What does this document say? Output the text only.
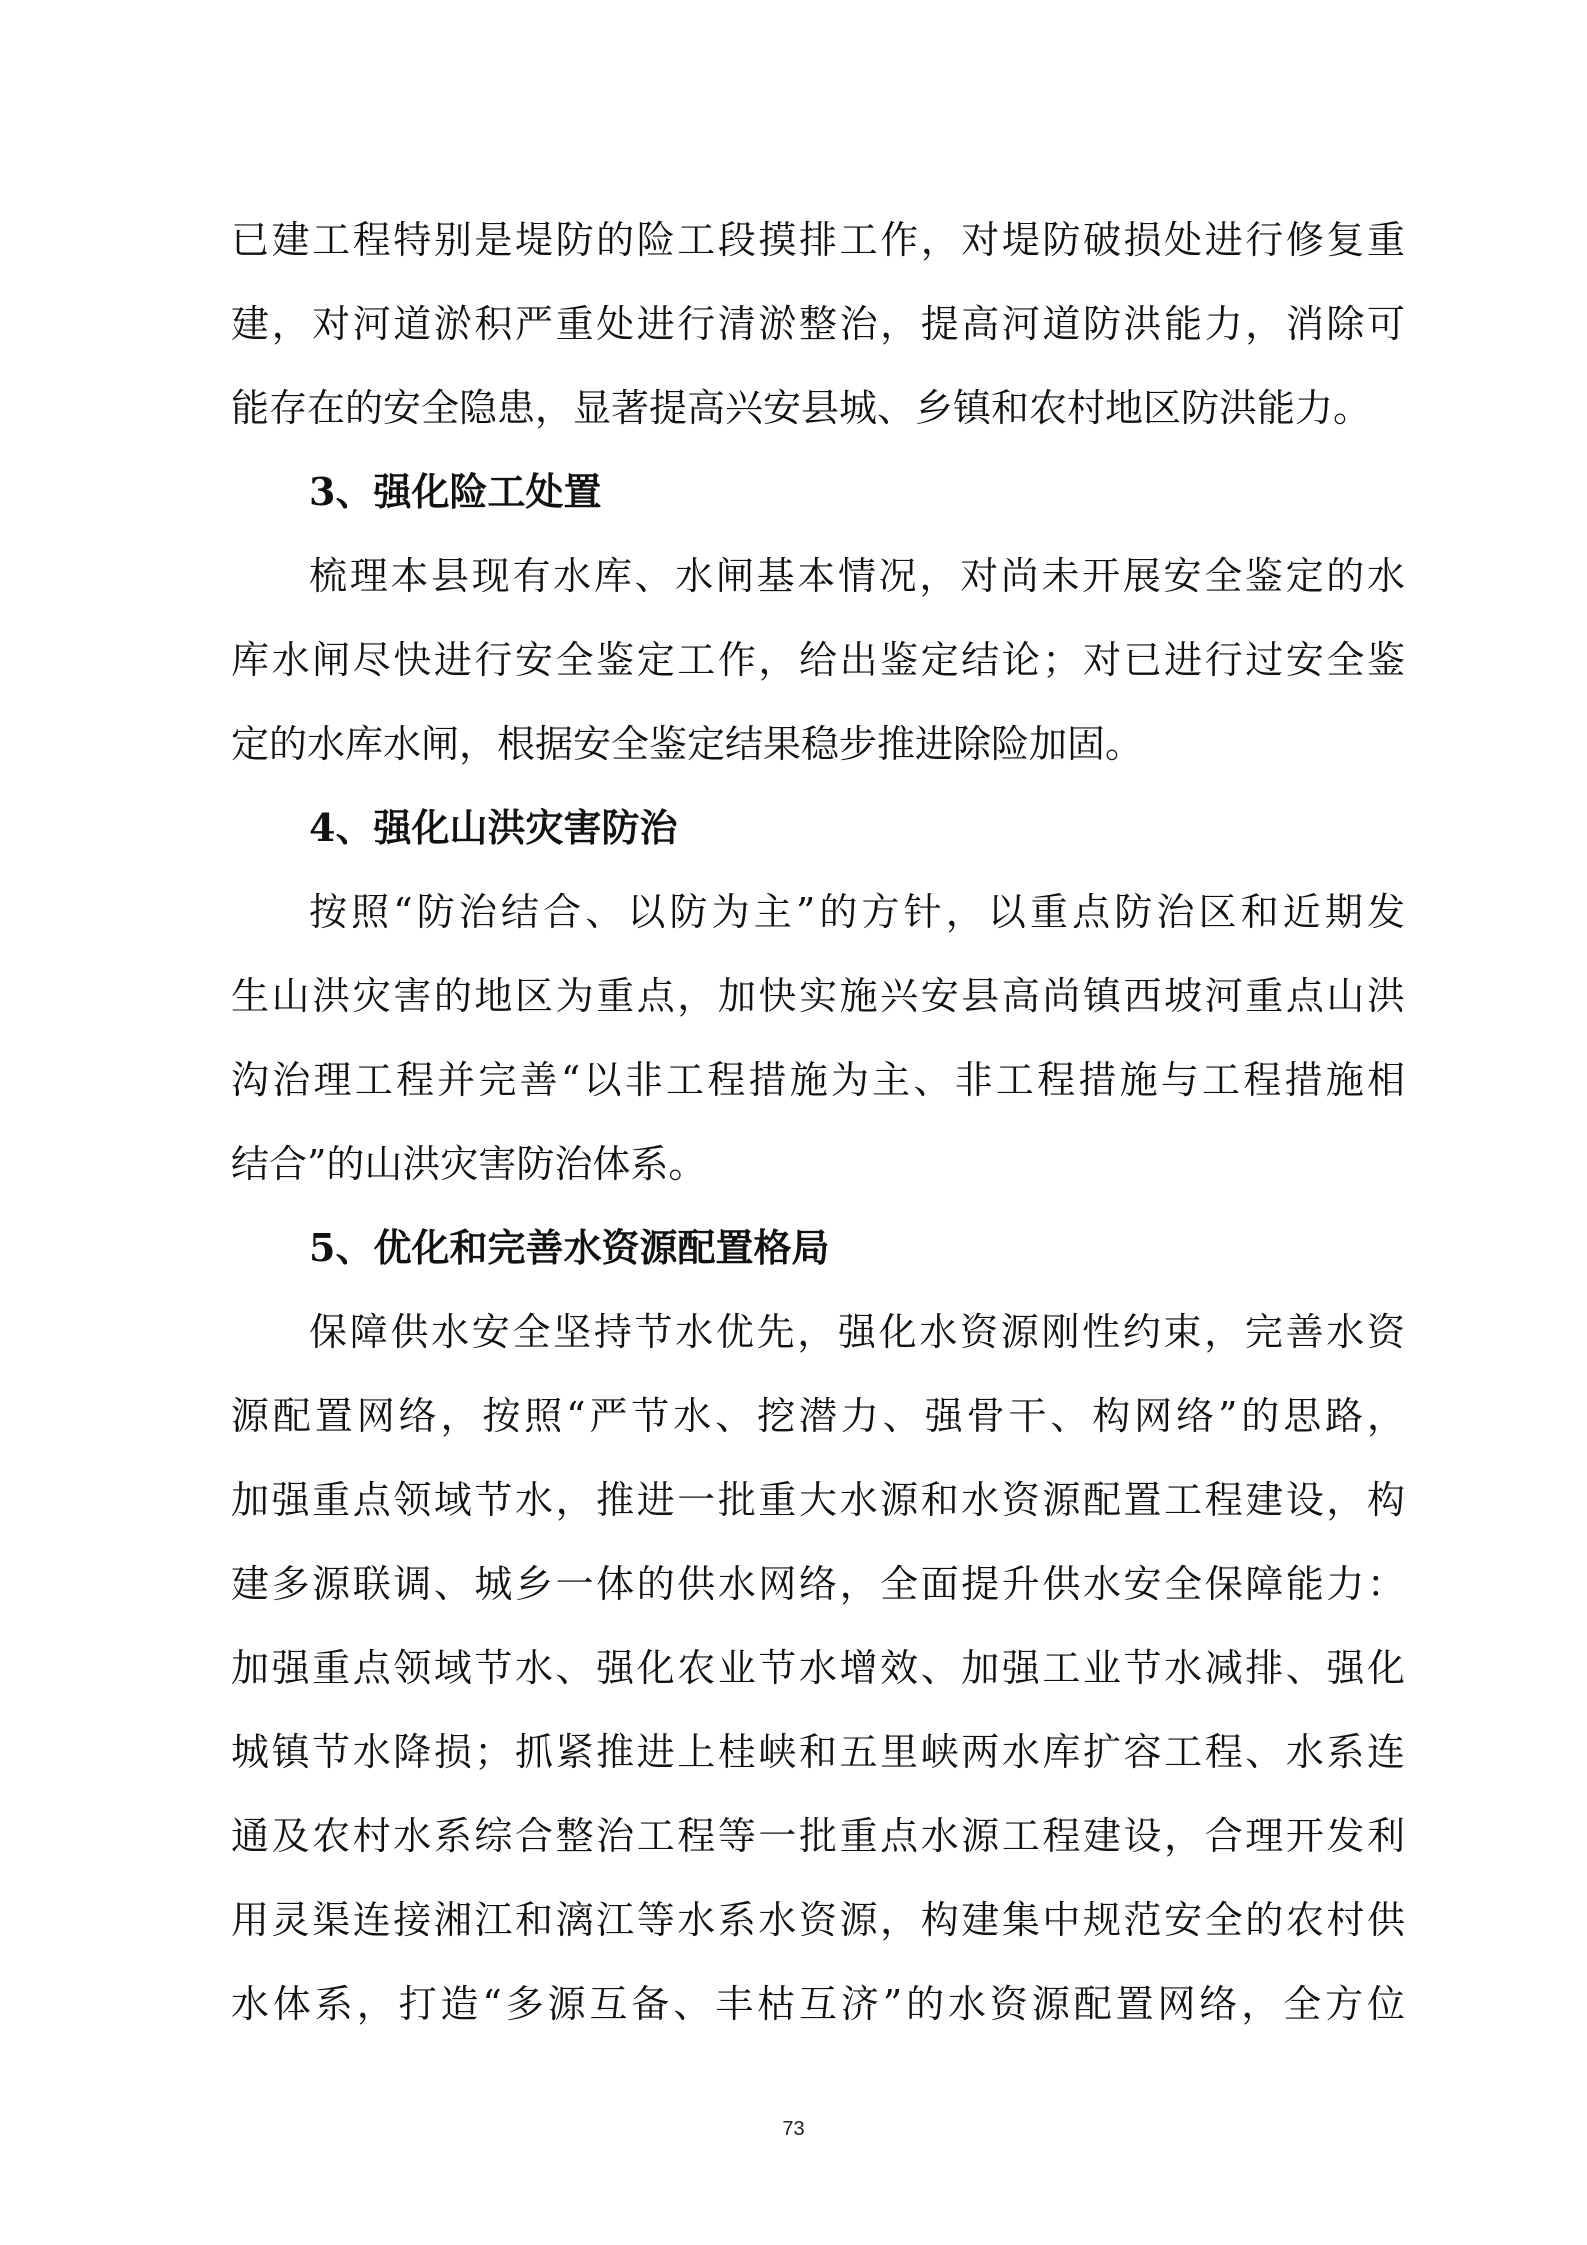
已建工程特别是堤防的险工段摸排工作，对堤防破损处进行修复重
建，对河道淤积严重处进行清淤整治，提高河道防洪能力，消除可
能存在的安全隐患，显著提高兴安县城、乡镇和农村地区防洪能力。
3、强化险工处置
梳理本县现有水库、水闸基本情况，对尚未开展安全鉴定的水
库水闸尽快进行安全鉴定工作，给出鉴定结论；对已进行过安全鉴
定的水库水闸，根据安全鉴定结果稳步推进除险加固。
4、强化山洪灾害防治
按照“防治结合、以防为主”的方针，以重点防治区和近期发
生山洪灾害的地区为重点，加快实施兴安县高尚镇西坡河重点山洪
沟治理工程并完善“以非工程措施为主、非工程措施与工程措施相
结合”的山洪灾害防治体系。
5、优化和完善水资源配置格局
保障供水安全坚持节水优先，强化水资源刚性约束，完善水资
源配置网络，按照“严节水、挖潜力、强骨干、构网络”的思路，
加强重点领域节水，推进一批重大水源和水资源配置工程建设，构
建多源联调、城乡一体的供水网络，全面提升供水安全保障能力：
加强重点领域节水、强化农业节水增效、加强工业节水减排、强化
城镇节水降损；抓紧推进上桂峡和五里峡两水库扩容工程、水系连
通及农村水系综合整治工程等一批重点水源工程建设，合理开发利
用灵渠连接湘江和漓江等水系水资源，构建集中规范安全的农村供
水体系，打造“多源互备、丰枯互济”的水资源配置网络，全方位
73
